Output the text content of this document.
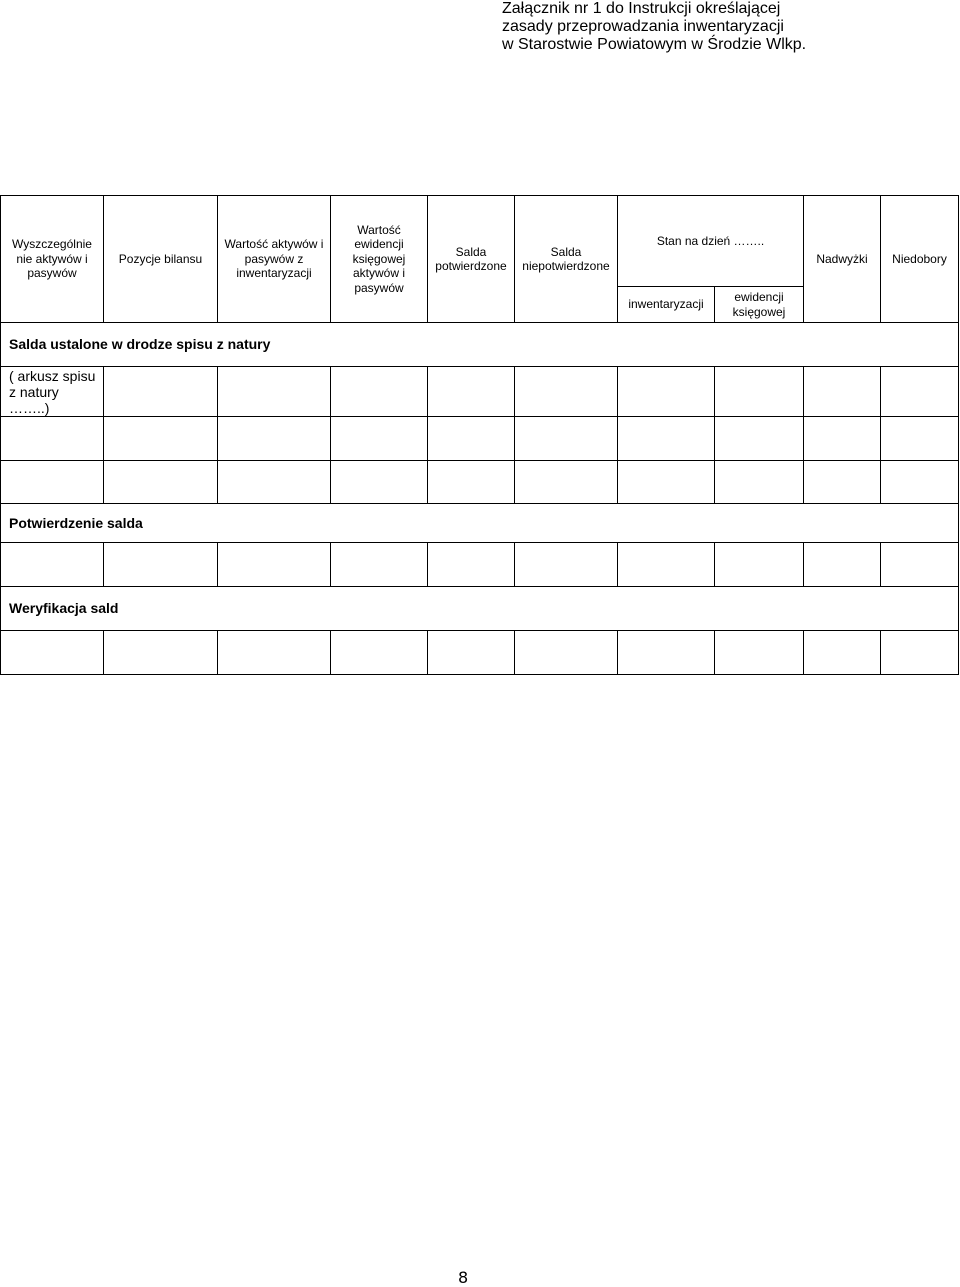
Załącznik nr 1 do Instrukcji określającej
zasady przeprowadzania inwentaryzacji
w Starostwie Powiatowym w Środzie Wlkp.
Wyszczególnie nie aktywów i pasywów	Pozycje bilansu	Wartość aktywów i pasywów z inwentaryzacji	Wartość ewidencji księgowej aktywów i pasywów	Salda potwierdzone	Salda niepotwierdzone	Stan na dzień ……..		Nadwyżki	Niedobory

						inwentaryzacji	ewidencji księgowej		

Salda ustalone w drodze spisu z natury									
( arkusz spisu z natury ……..)									

Potwierdzenie salda									

Weryfikacja sald									

8
